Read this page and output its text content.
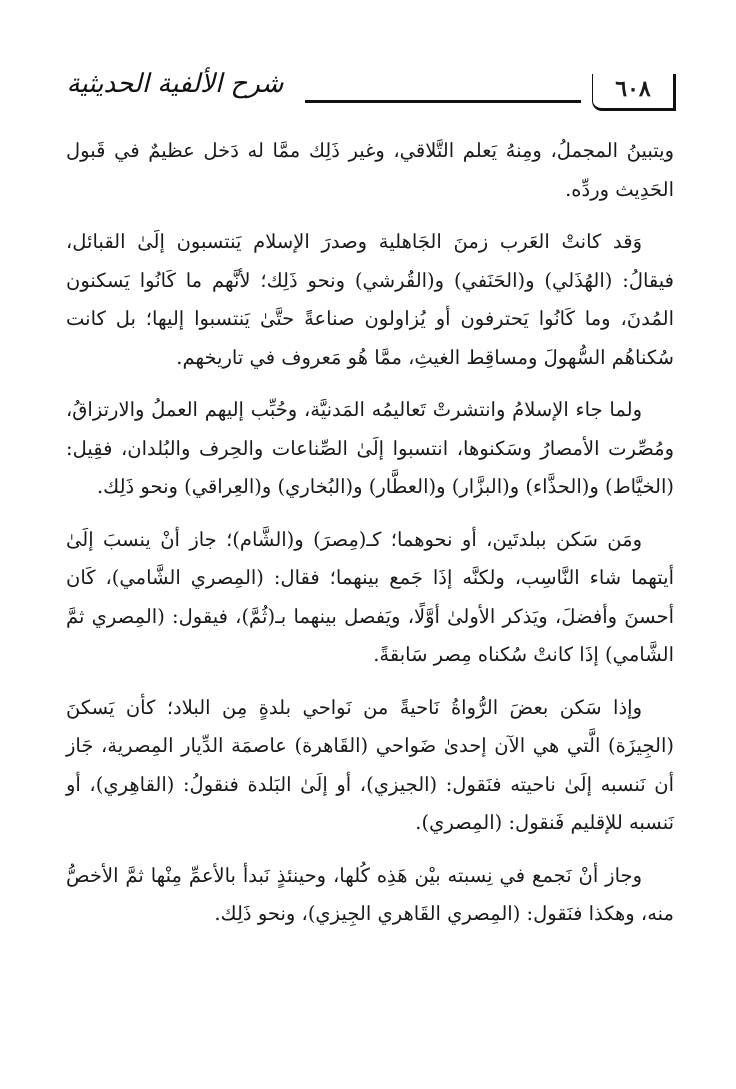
شرح الألفية الحديثية	٦٠٨

ويتبينُ المجملُ، ومِنهُ يَعلم التَّلاقي، وغير ذَلِك ممَّا له دَخل عظيمٌ في قَبول الحَدِيث وردِّه.

وَقد كانتْ العَرب زمنَ الجَاهلية وصدرَ الإسلام يَنتسبون إلَىٰ القبائل، فيقالُ: (الهُذَلي) و(الحَنَفي) و(القُرشي) ونحو ذَلِك؛ لأنَّهم ما كَانُوا يَسكنون المُدنَ، وما كَانُوا يَحترفون أو يُزاولون صناعةً حتَّىٰ يَنتسبوا إليها؛ بل كانت سُكناهُم السُّهولَ ومساقِط الغيثِ، ممَّا هُو مَعروف في تاريخهم.

ولما جاء الإسلامُ وانتشرتْ تَعاليمُه المَدنيَّة، وحُبِّب إليهم العملُ والارتزاقُ، ومُصِّرت الأمصارُ وسَكنوها، انتسبوا إلَىٰ الصِّناعات والحِرف والبُلدان، فقِيل: (الخيَّاط) و(الحذَّاء) و(البزَّار) و(العطَّار) و(البُخاري) و(العِراقي) ونحو ذَلِك.

ومَن سَكن ببلدتَين، أو نحوهما؛ كـ(مِصرَ) و(الشَّام)؛ جاز أنْ ينسبَ إلَىٰ أيتهما شاء النَّاسِب، ولكنَّه إذَا جَمع بينهما؛ فقال: (المِصري الشَّامي)، كَان أحسنَ وأفضلَ، ويَذكر الأولىٰ أوَّلًا، ويَفصل بينهما بـ(ثُمَّ)، فيقول: (المِصري ثمَّ الشَّامي) إذَا كانتْ سُكناه مِصر سَابقةً.

وإذا سَكن بعضَ الرُّواةُ نَاحيةً من نَواحي بلدةٍ مِن البلاد؛ كأن يَسكنَ (الجِيزَة) الَّتي هي الآن إحدىٰ ضَواحي (القَاهرة) عاصمَة الدِّيار المِصرية، جَاز أن نَنسبه إلَىٰ ناحيته فنَقول: (الجيزي)، أو إلَىٰ البَلدة فنقولُ: (القاهِري)، أو نَنسبه للإقليم فَنقول: (المِصري).

وجاز أنْ نَجمع في نِسبته بيْن هَذِه كُلها، وحينئذٍ نَبدأ بالأعمِّ مِنْها ثمَّ الأخصُّ منه، وهكذا فنَقول: (المِصري القَاهري الجِيزي)، ونحو ذَلِك.
